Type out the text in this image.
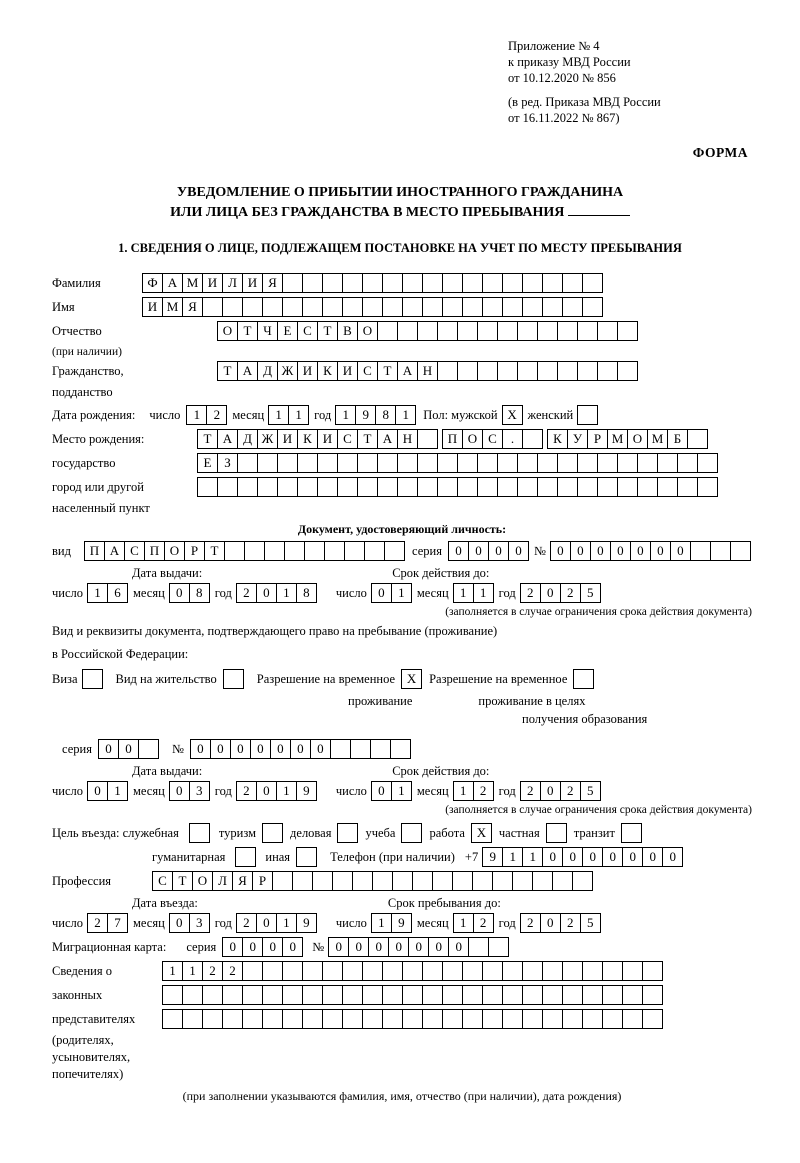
Приложение № 4
к приказу МВД России
от 10.12.2020 № 856
(в ред. Приказа МВД России
от 16.11.2022 № 867)
ФОРМА
УВЕДОМЛЕНИЕ О ПРИБЫТИИ ИНОСТРАННОГО ГРАЖДАНИНА
ИЛИ ЛИЦА БЕЗ ГРАЖДАНСТВА В МЕСТО ПРЕБЫВАНИЯ
1. СВЕДЕНИЯ О ЛИЦЕ, ПОДЛЕЖАЩЕМ ПОСТАНОВКЕ НА УЧЕТ ПО МЕСТУ ПРЕБЫВАНИЯ
Фамилия	Ф А М И Л И Я
Имя	И М Я
Отчество	О Т Ч Е С Т В О
(при наличии)
Гражданство,	Т А Д Ж И К И С Т А Н
подданство
Дата рождения: число	1	2 месяц 1	1 год 1	9	8	1	Пол: мужской X женский
Место рождения:	Т А Д Ж И К И С Т А Н	П О С	.	К У Р М О М Б
государство	Е З
город или другой
населенный пункт
Документ, удостоверяющий личность:
вид	П А С П О Р Т	серия	0	0	0	0 № 0	0	0	0	0	0	0
Дата выдачи:	Срок действия до:
число 1	6 месяц 0	8 год 2	0	1	8	число 0	1 месяц 1	1 год 2	0	2	5
(заполняется в случае ограничения срока действия документа)
Вид и реквизиты документа, подтверждающего право на пребывание (проживание)
в Российской Федерации:
Виза	Вид на жительство	Разрешение на временное X	Разрешение на временное
проживание	проживание в целях
получения образования
серия	0	0	№	0	0	0	0	0	0	0
Дата выдачи:	Срок действия до:
число 0	1 месяц 0	3 год 2	0	1	9	число 0	1 месяц 1	2 год 2	0	2	5
(заполняется в случае ограничения срока действия документа)
Цель въезда: служебная	туризм	деловая	учеба	работа X	частная	транзит
гуманитарная	иная	Телефон (при наличии) +7 9	1	1	0	0	0	0	0	0	0
Профессия	С Т О Л Я Р
Дата въезда:	Срок пребывания до:
число 2	7 месяц 0	3 год 2	0	1	9	число 1	9 месяц 1	2 год 2	0	2	5
Миграционная карта: серия	0	0	0	0	№ 0	0	0	0	0	0	0
Сведения о	1	1	2	2
законных
представителях
(родителях,
усыновителях,
попечителях)
(при заполнении указываются фамилия, имя, отчество (при наличии), дата рождения)
